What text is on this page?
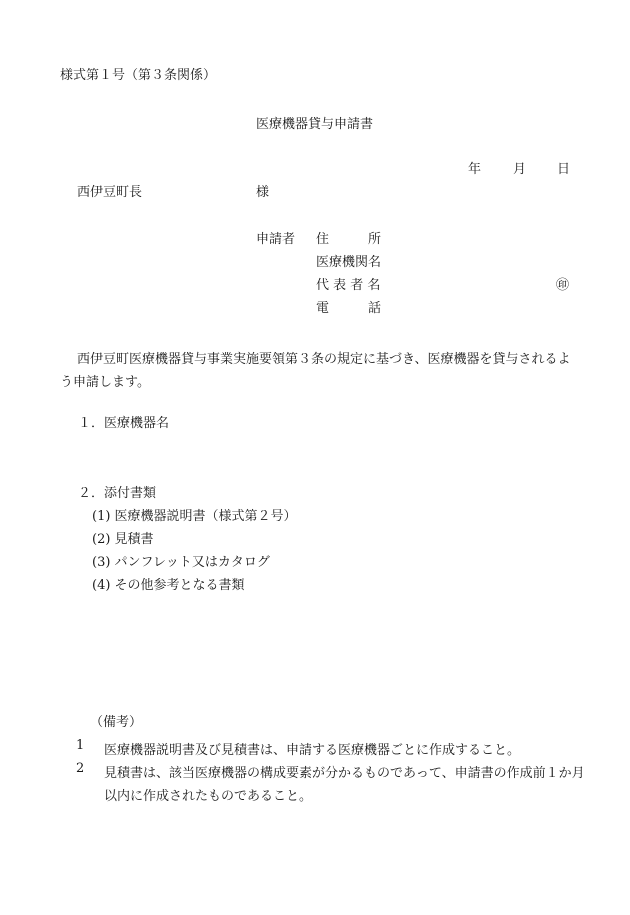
様式第１号（第３条関係）
医療機器貸与申請書
年 月 日
西伊豆町長	様
申請者 住　　　所
医療機関名
代 表 者 名	㊞
電　　　話
西伊豆町医療機器貸与事業実施要領第３条の規定に基づき、医療機器を貸与されるよう申請します。
１．医療機器名
２．添付書類
(1) 医療機器説明書（様式第２号）
(2) 見積書
(3) パンフレット又はカタログ
(4) その他参考となる書類
（備考）
1 医療機器説明書及び見積書は、申請する医療機器ごとに作成すること。
2 見積書は、該当医療機器の構成要素が分かるものであって、申請書の作成前１か月以内に作成されたものであること。
